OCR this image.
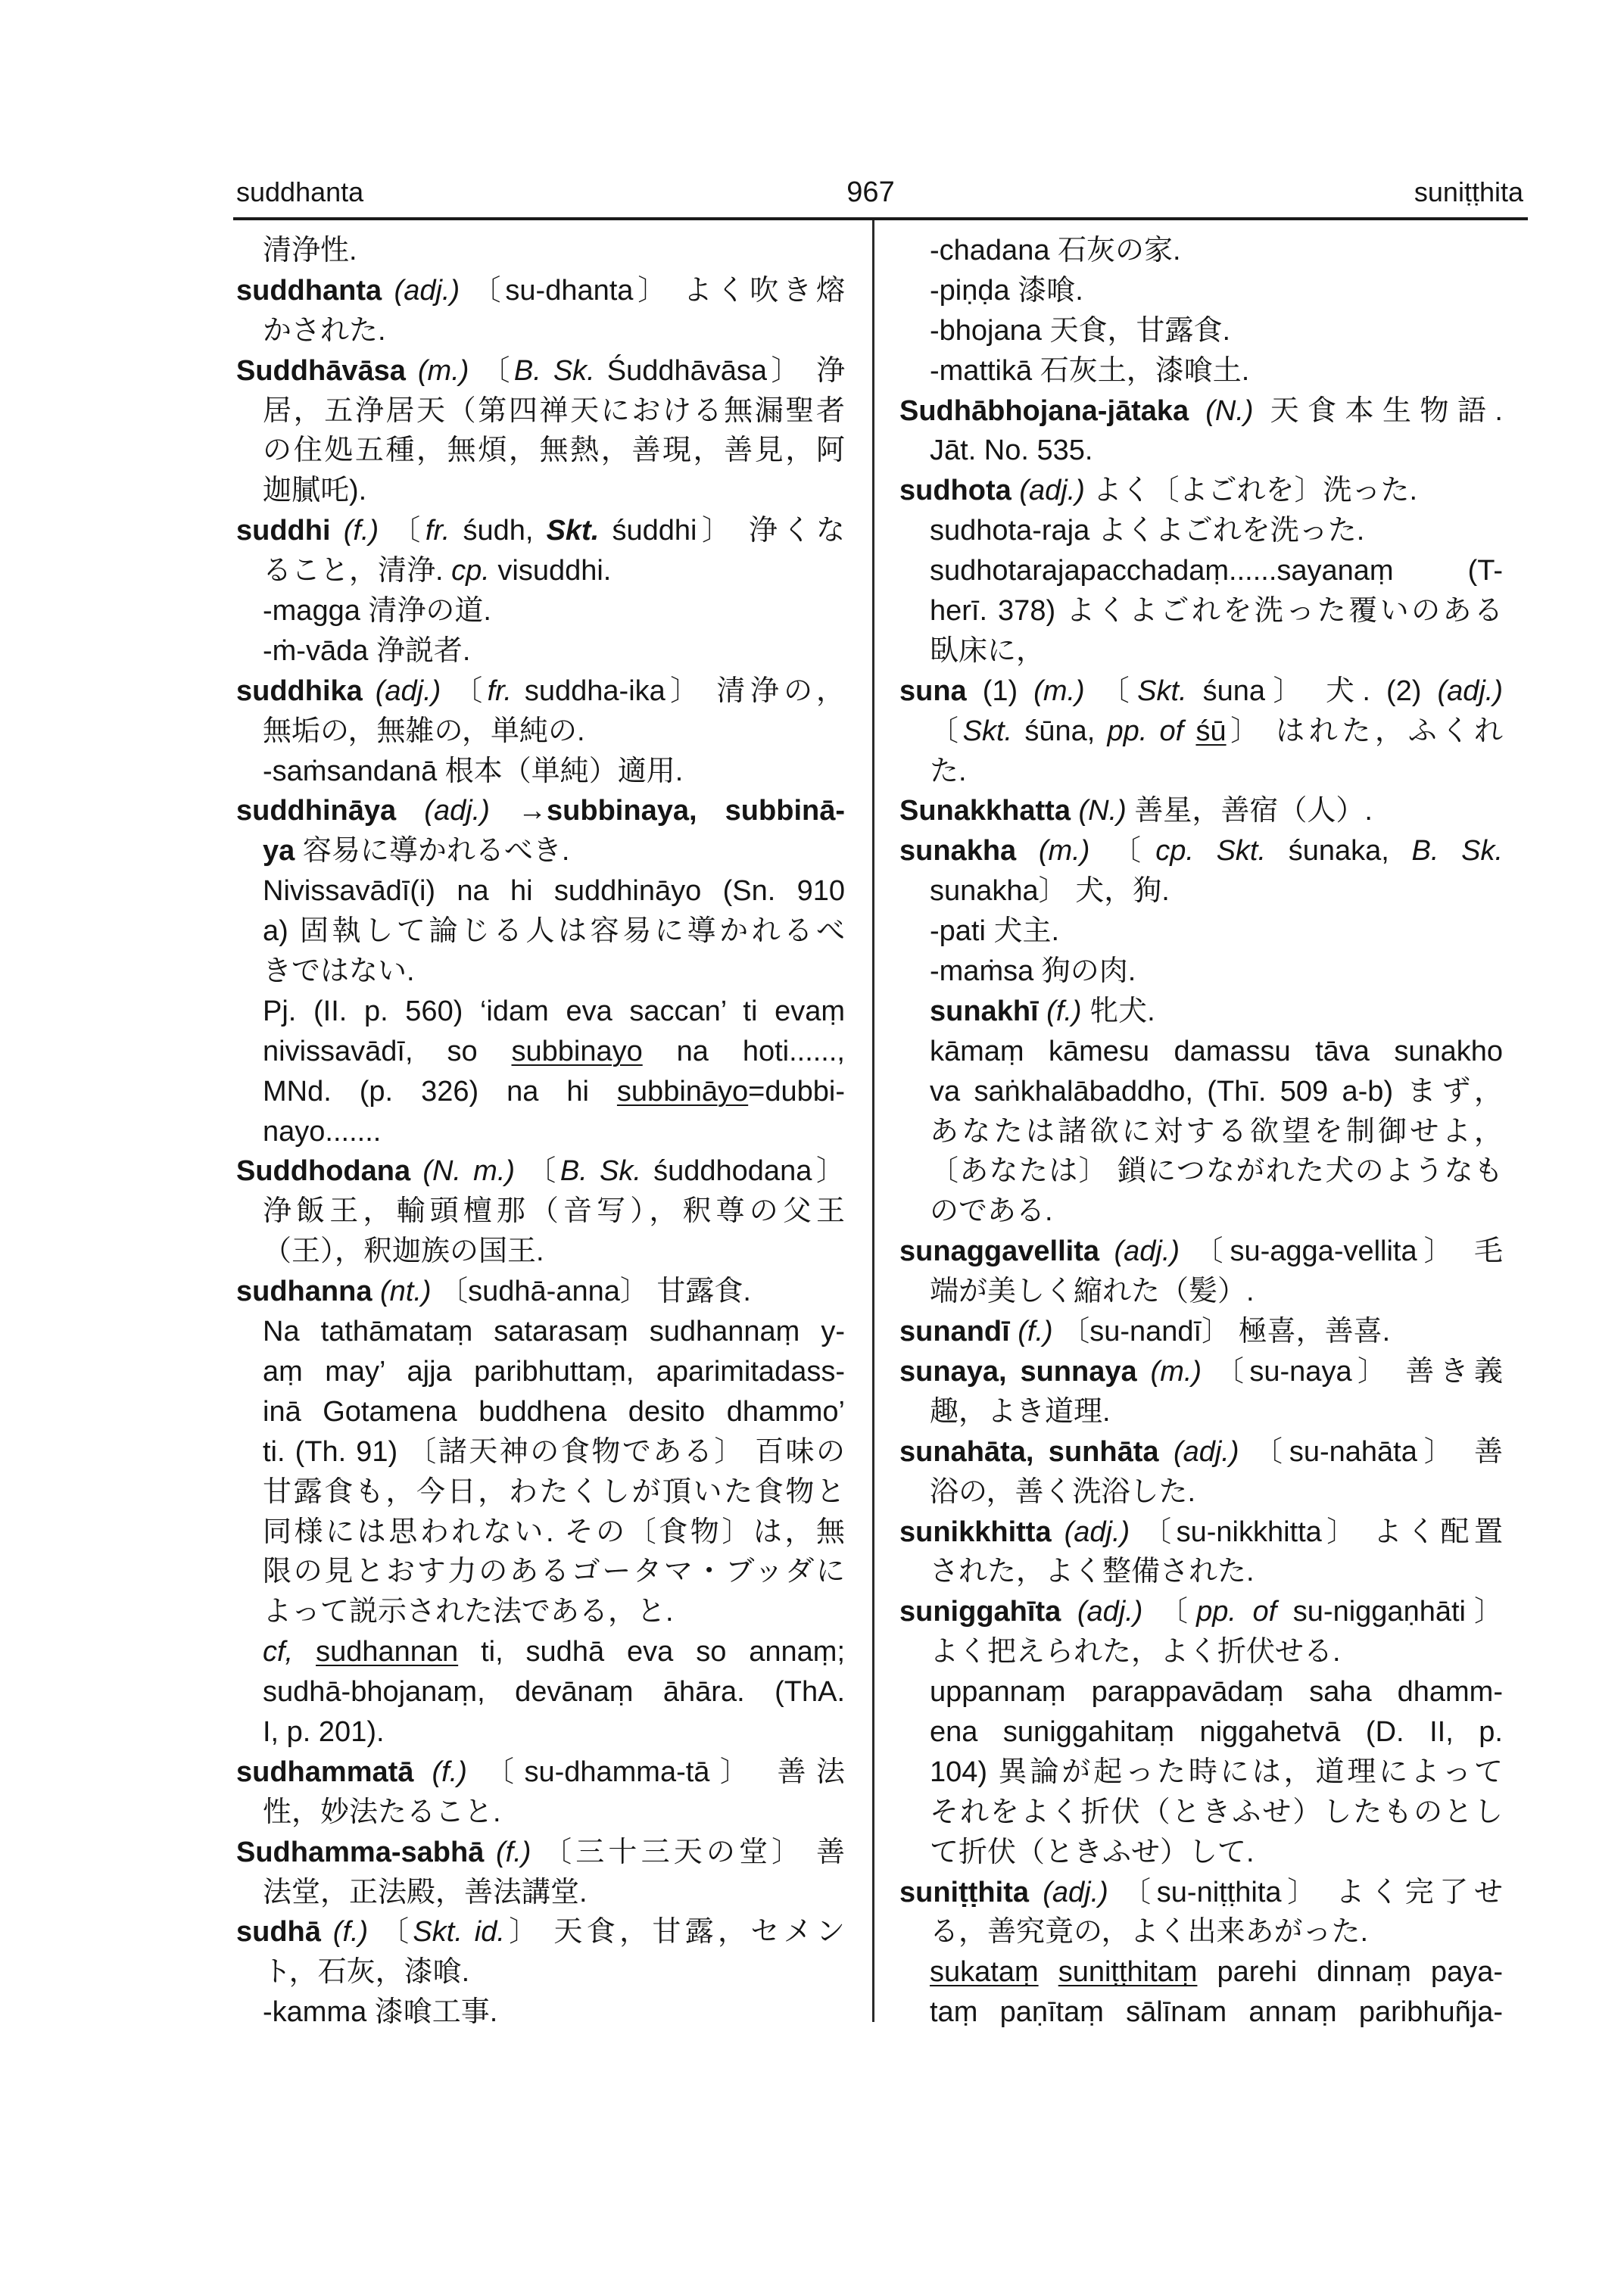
suddhanta	967	suniṭṭhita
清浄性.
suddhanta (adj.) 〔su-dhanta〕 よく吹き熔
かされた.
Suddhāvāsa (m.) 〔B. Sk. Śuddhāvāsa〕 浄
居，五浄居天（第四禅天における無漏聖者
の住処五種，無煩，無熱，善現，善見，阿
迦膩吒).
suddhi (f.) 〔fr. śudh, Skt. śuddhi〕 浄くな
ること，清浄. cp. visuddhi.
-magga 清浄の道.
-ṁ-vāda 浄説者.
suddhika (adj.) 〔fr. suddha-ika〕 清浄の，
無垢の，無雑の，単純の.
-saṁsandanā 根本（単純）適用.
suddhināya (adj.) →subbinaya, subbinā-
ya 容易に導かれるべき.
Nivissavādī(i) na hi suddhināyo (Sn. 910
a) 固執して論じる人は容易に導かれるべ
きではない.
Pj. (II. p. 560) ‘idam eva saccan’ ti evaṃ
nivissavādī, so subbinayo na hoti......,
MNd. (p. 326) na hi subbināyo=dubbi-
nayo.......
Suddhodana (N. m.) 〔B. Sk. śuddhodana〕
浄飯王，輸頭檀那（音写），釈尊の父王
（王），釈迦族の国王.
sudhanna (nt.) 〔sudhā-anna〕 甘露食.
Na tathāmataṃ satarasaṃ sudhannaṃ y-
aṃ may’ ajja paribhuttaṃ, aparimitadass-
inā Gotamena buddhena desito dhammo’
ti. (Th. 91) 〔諸天神の食物である〕 百味の
甘露食も，今日，わたくしが頂いた食物と
同様には思われない. その〔食物〕は，無
限の見とおす力のあるゴータマ・ブッダに
よって説示された法である，と.
cf, sudhannan ti, sudhā eva so annaṃ;
sudhā-bhojanaṃ, devānaṃ āhāra. (ThA.
I, p. 201).
sudhammatā (f.) 〔su-dhamma-tā〕 善法
性，妙法たること.
Sudhamma-sabhā (f.) 〔三十三天の堂〕 善
法堂，正法殿，善法講堂.
sudhā (f.) 〔Skt. id.〕 天食，甘露，セメン
ト，石灰，漆喰.
-kamma 漆喰工事.
-chadana 石灰の家.
-piṇḍa 漆喰.
-bhojana 天食，甘露食.
-mattikā 石灰土，漆喰土.
Sudhābhojana-jātaka (N.) 天食本生物語.
Jāt. No. 535.
sudhota (adj.) よく〔よごれを〕洗った.
sudhota-raja よくよごれを洗った.
sudhotarajapacchadaṃ......sayanaṃ (T-
herī. 378) よくよごれを洗った覆いのある
臥床に，
suna (1) (m.) 〔Skt. śuna〕 犬. (2) (adj.)
〔Skt. śūna, pp. of śū〕 はれた，ふくれ
た.
Sunakkhatta (N.) 善星，善宿（人）.
sunakha (m.) 〔cp. Skt. śunaka, B. Sk.
sunakha〕 犬，狗.
-pati 犬主.
-maṁsa 狗の肉.
sunakhī (f.) 牝犬.
kāmaṃ kāmesu damassu tāva sunakho
va saṅkhalābaddho, (Thī. 509 a-b) まず，
あなたは諸欲に対する欲望を制御せよ，
〔あなたは〕 鎖につながれた犬のようなも
のである.
sunaggavellita (adj.) 〔su-agga-vellita〕 毛
端が美しく縮れた（髪）.
sunandī (f.) 〔su-nandī〕 極喜，善喜.
sunaya, sunnaya (m.) 〔su-naya〕 善き義
趣，よき道理.
sunahāta, sunhāta (adj.) 〔su-nahāta〕 善
浴の，善く洗浴した.
sunikkhitta (adj.) 〔su-nikkhitta〕 よく配置
された，よく整備された.
suniggahīta (adj.) 〔pp. of su-niggaṇhāti〕
よく把えられた，よく折伏せる.
uppannaṃ parappavādaṃ saha dhamm-
ena suniggahitaṃ niggahetvā (D. II, p.
104) 異論が起った時には，道理によって
それをよく折伏（ときふせ）したものとし
て折伏（ときふせ）して.
suniṭṭhita (adj.) 〔su-niṭṭhita〕 よく完了せ
る，善究竟の，よく出来あがった.
sukataṃ suniṭṭhitaṃ parehi dinnaṃ paya-
taṃ paṇītaṃ sālīnam annaṃ paribhuñja-
